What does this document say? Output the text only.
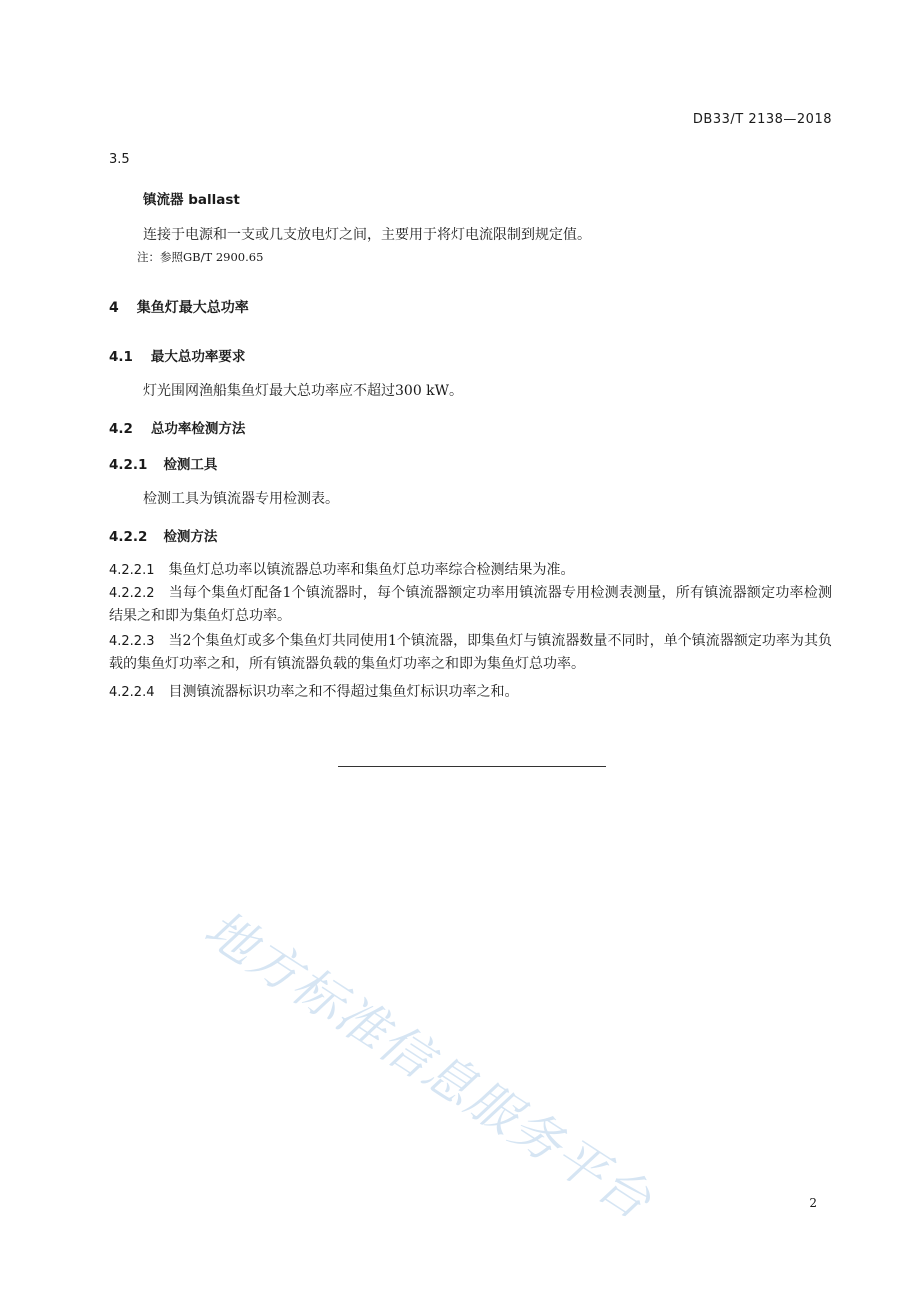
DB33/T 2138—2018
3.5
镇流器 ballast
连接于电源和一支或几支放电灯之间，主要用于将灯电流限制到规定值。
注：参照GB/T 2900.65
4 集鱼灯最大总功率
4.1 最大总功率要求
灯光围网渔船集鱼灯最大总功率应不超过300 kW。
4.2 总功率检测方法
4.2.1 检测工具
检测工具为镇流器专用检测表。
4.2.2 检测方法
4.2.2.1 集鱼灯总功率以镇流器总功率和集鱼灯总功率综合检测结果为准。
4.2.2.2 当每个集鱼灯配备1个镇流器时，每个镇流器额定功率用镇流器专用检测表测量，所有镇流器额定功率检测结果之和即为集鱼灯总功率。
4.2.2.3 当2个集鱼灯或多个集鱼灯共同使用1个镇流器，即集鱼灯与镇流器数量不同时，单个镇流器额定功率为其负载的集鱼灯功率之和，所有镇流器负载的集鱼灯功率之和即为集鱼灯总功率。
4.2.2.4 目测镇流器标识功率之和不得超过集鱼灯标识功率之和。
地方标准信息服务平台	2
